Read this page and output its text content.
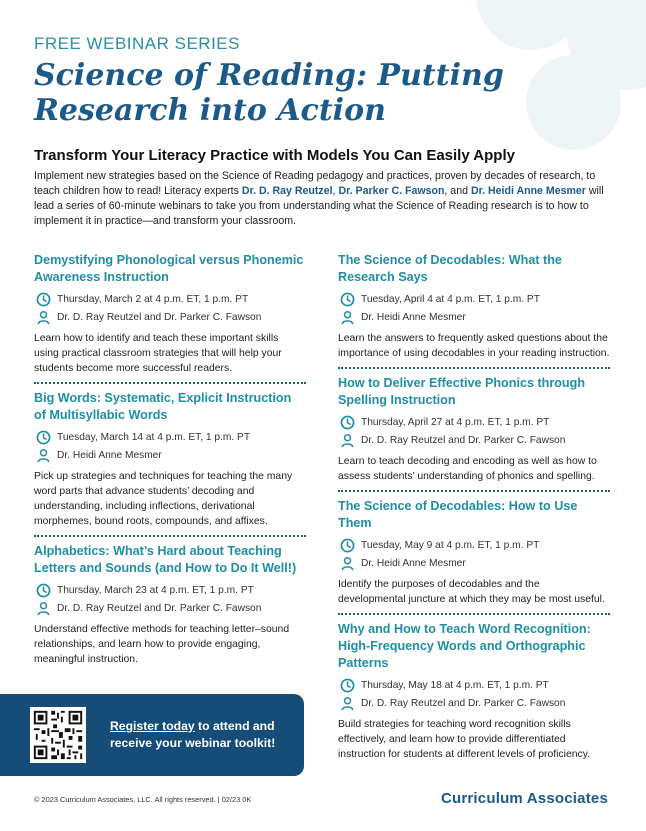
FREE WEBINAR SERIES
Science of Reading: Putting Research into Action
Transform Your Literacy Practice with Models You Can Easily Apply

Implement new strategies based on the Science of Reading pedagogy and practices, proven by decades of research, to teach children how to read! Literacy experts Dr. D. Ray Reutzel, Dr. Parker C. Fawson, and Dr. Heidi Anne Mesmer will lead a series of 60-minute webinars to take you from understanding what the Science of Reading research is to how to implement it in practice—and transform your classroom.

Demystifying Phonological versus Phonemic Awareness Instruction
Thursday, March 2 at 4 p.m. ET, 1 p.m. PT
Dr. D. Ray Reutzel and Dr. Parker C. Fawson

Learn how to identify and teach these important skills using practical classroom strategies that will help your students become more successful readers.

Big Words: Systematic, Explicit Instruction of Multisyllabic Words
Tuesday, March 14 at 4 p.m. ET, 1 p.m. PT
Dr. Heidi Anne Mesmer

Pick up strategies and techniques for teaching the many word parts that advance students’ decoding and understanding, including inflections, derivational morphemes, bound roots, compounds, and affixes.

Alphabetics: What’s Hard about Teaching Letters and Sounds (and How to Do It Well!)
Thursday, March 23 at 4 p.m. ET, 1 p.m. PT
Dr. D. Ray Reutzel and Dr. Parker C. Fawson

Understand effective methods for teaching letter–sound relationships, and learn how to provide engaging, meaningful instruction.

The Science of Decodables: What the Research Says
Tuesday, April 4 at 4 p.m. ET, 1 p.m. PT
Dr. Heidi Anne Mesmer

Learn the answers to frequently asked questions about the importance of using decodables in your reading instruction.

How to Deliver Effective Phonics through Spelling Instruction
Thursday, April 27 at 4 p.m. ET, 1 p.m. PT
Dr. D. Ray Reutzel and Dr. Parker C. Fawson

Learn to teach decoding and encoding as well as how to assess students’ understanding of phonics and spelling.

The Science of Decodables: How to Use Them
Tuesday, May 9 at 4 p.m. ET, 1 p.m. PT
Dr. Heidi Anne Mesmer

Identify the purposes of decodables and the developmental juncture at which they may be most useful.

Why and How to Teach Word Recognition: High-Frequency Words and Orthographic Patterns
Thursday, May 18 at 4 p.m. ET, 1 p.m. PT
Dr. D. Ray Reutzel and Dr. Parker C. Fawson

Build strategies for teaching word recognition skills effectively, and learn how to provide differentiated instruction for students at different levels of proficiency.

Register today to attend and receive your webinar toolkit!

© 2023 Curriculum Associates, LLC. All rights reserved. | 02/23 0K	Curriculum Associates
